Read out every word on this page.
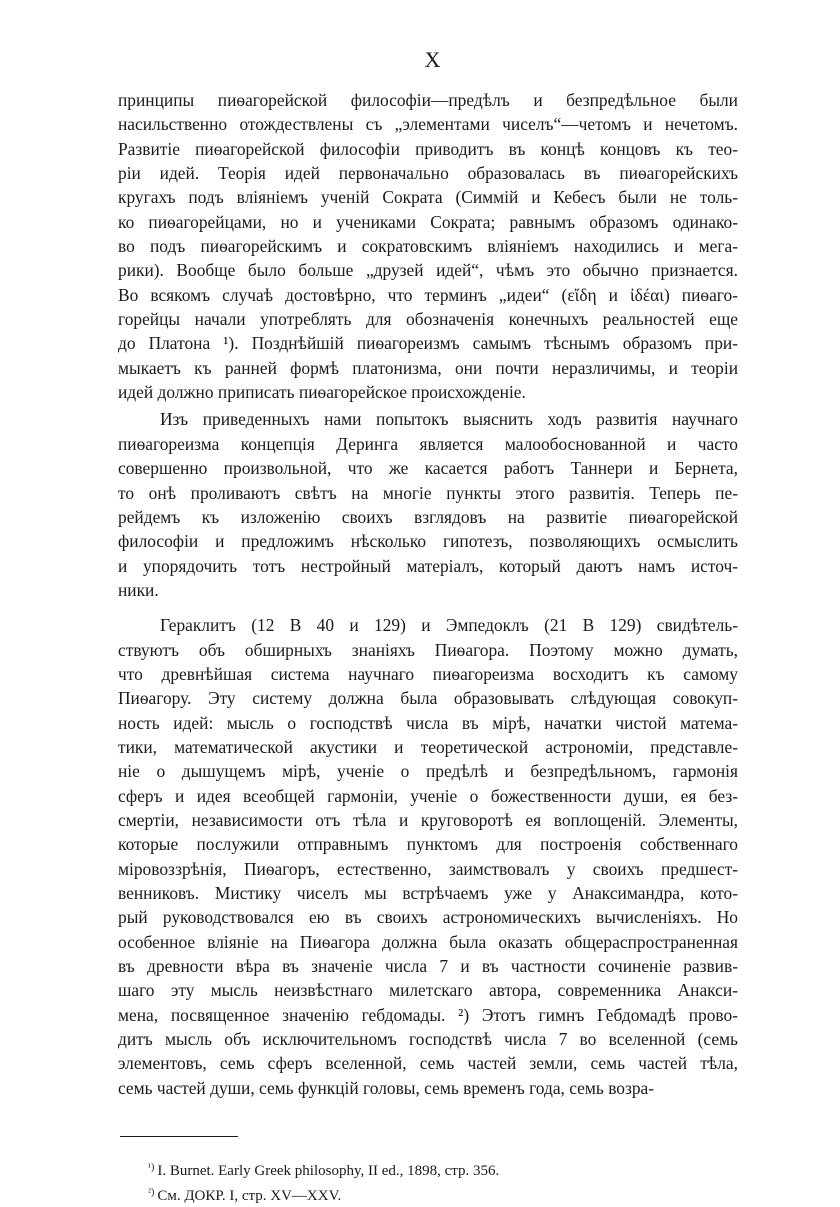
X
принципы пиѳагорейской философіи—предѣлъ и безпредѣльное были
насильственно отождествлены съ „элементами чиселъ“—четомъ и нечетомъ.
Развитіе пиѳагорейской философіи приводитъ въ концѣ концовъ къ тео-
ріи идей. Теорія идей первоначально образовалась въ пиѳагорейскихъ
кругахъ подъ вліяніемъ ученій Сократа (Симмій и Кебесъ были не толь-
ко пиѳагорейцами, но и учениками Сократа; равнымъ образомъ одинако-
во подъ пиѳагорейскимъ и сократовскимъ вліяніемъ находились и мега-
рики). Вообще было больше „друзей идей“, чѣмъ это обычно признается.
Во всякомъ случаѣ достовѣрно, что терминъ „идеи“ (εἴδη и ἰδέαι) пиѳаго-
горейцы начали употреблять для обозначенія конечныхъ реальностей еще
до Платона ¹). Позднѣйшій пиѳагореизмъ самымъ тѣснымъ образомъ при-
мыкаетъ къ ранней формѣ платонизма, они почти неразличимы, и теоріи
идей должно приписать пиѳагорейское происхожденіе.
Изъ приведенныхъ нами попытокъ выяснить ходъ развитія научнаго
пиѳагореизма концепція Деринга является малообоснованной и часто
совершенно произвольной, что же касается работъ Таннери и Бернета,
то онѣ проливаютъ свѣтъ на многіе пункты этого развитія. Теперь пе-
рейдемъ къ изложенію своихъ взглядовъ на развитіе пиѳагорейской
философіи и предложимъ нѣсколько гипотезъ, позволяющихъ осмыслить
и упорядочить тотъ нестройный матеріалъ, который даютъ намъ источ-
ники.
Гераклитъ (12 B 40 и 129) и Эмпедоклъ (21 B 129) свидѣтель-
ствуютъ объ обширныхъ знаніяхъ Пиѳагора. Поэтому можно думать,
что древнѣйшая система научнаго пиѳагореизма восходитъ къ самому
Пиѳагору. Эту систему должна была образовывать слѣдующая совокуп-
ность идей: мысль о господствѣ числа въ мірѣ, начатки чистой матема-
тики, математической акустики и теоретической астрономіи, представле-
ніе о дышущемъ мірѣ, ученіе о предѣлѣ и безпредѣльномъ, гармонія
сферъ и идея всеобщей гармоніи, ученіе о божественности души, ея без-
смертіи, независимости отъ тѣла и круговоротѣ ея воплощеній. Элементы,
которые послужили отправнымъ пунктомъ для построенія собственнаго
міровоззрѣнія, Пиѳагоръ, естественно, заимствовалъ у своихъ предшест-
венниковъ. Мистику чиселъ мы встрѣчаемъ уже у Анаксимандра, кото-
рый руководствовался ею въ своихъ астрономическихъ вычисленіяхъ. Но
особенное вліяніе на Пиѳагора должна была оказать общераспространенная
въ древности вѣра въ значеніе числа 7 и въ частности сочиненіе развив-
шаго эту мысль неизвѣстнаго милетскаго автора, современника Анакси-
мена, посвященное значенію гебдомады. ²) Этотъ гимнъ Гебдомадѣ прово-
дитъ мысль объ исключительномъ господствѣ числа 7 во вселенной (семь
элементовъ, семь сферъ вселенной, семь частей земли, семь частей тѣла,
семь частей души, семь функцій головы, семь временъ года, семь возра-
$^{^1)}$ I. Burnet. Early Greek philosophy, II ed., 1898, стр. 356.
$^{^2)}$ См. ДОКР. I, стр. XV—XXV.
